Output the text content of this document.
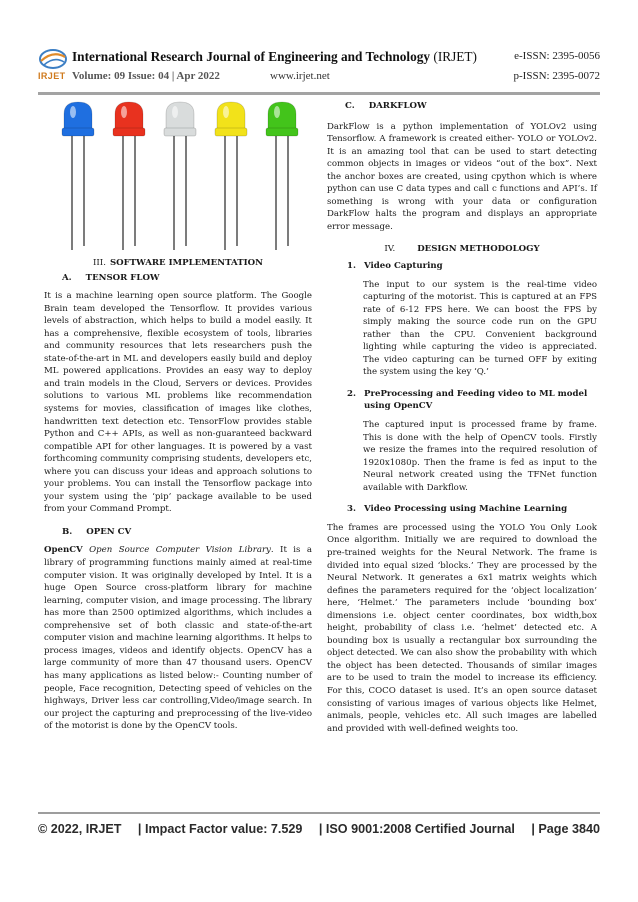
IRJET
International Research Journal of Engineering and Technology (IRJET)	e-ISSN: 2395-0056
Volume: 09 Issue: 04 | Apr 2022	www.irjet.net	p-ISSN: 2395-0072
III. SOFTWARE IMPLEMENTATION
A. TENSOR FLOW

It is a machine learning open source platform. The Google Brain team developed the Tensorflow. It provides various levels of abstraction, which helps to build a model easily. It has a comprehensive, flexible ecosystem of tools, libraries and community resources that lets researchers push the state-of-the-art in ML and developers easily build and deploy ML powered applications. Provides an easy way to deploy and train models in the Cloud, Servers or devices. Provides solutions to various ML problems like recommendation systems for movies, classification of images like clothes, handwritten text detection etc. TensorFlow provides stable Python and C++ APIs, as well as non-guaranteed backward compatible API for other languages. It is powered by a vast forthcoming community comprising students, developers etc, where you can discuss your ideas and approach solutions to your problems. You can install the Tensorflow package into your system using the ‘pip’ package available to be used from your Command Prompt.

B. OPEN CV

OpenCV Open Source Computer Vision Library. It is a library of programming functions mainly aimed at real-time computer vision. It was originally developed by Intel. It is a huge Open Source cross-platform library for machine learning, computer vision, and image processing. The library has more than 2500 optimized algorithms, which includes a comprehensive set of both classic and state-of-the-art computer vision and machine learning algorithms. It helps to process images, videos and identify objects. OpenCV has a large community of more than 47 thousand users. OpenCV has many applications as listed below:- Counting number of people, Face recognition, Detecting speed of vehicles on the highways, Driver less car controlling,Video/image search. In our project the capturing and preprocessing of the live-video of the motorist is done by the OpenCV tools.

C. DARKFLOW

DarkFlow is a python implementation of YOLOv2 using Tensorflow. A framework is created either- YOLO or YOLOv2. It is an amazing tool that can be used to start detecting common objects in images or videos “out of the box”. Next the anchor boxes are created, using cpython which is where python can use C data types and call c functions and API’s. If something is wrong with your data or configuration DarkFlow halts the program and displays an appropriate error message.

IV.	DESIGN METHODOLOGY
1. Video Capturing

The input to our system is the real-time video capturing of the motorist. This is captured at an FPS rate of 6-12 FPS here. We can boost the FPS by simply making the source code run on the GPU rather than the CPU. Convenient background lighting while capturing the video is appreciated. The video capturing can be turned OFF by exiting the system using the key ‘Q.’

2. PreProcessing and Feeding video to ML model using OpenCV

The captured input is processed frame by frame. This is done with the help of OpenCV tools. Firstly we resize the frames into the required resolution of 1920x1080p. Then the frame is fed as input to the Neural network created using the TFNet function available with Darkflow.

3. Video Processing using Machine Learning

The frames are processed using the YOLO You Only Look Once algorithm. Initially we are required to download the pre-trained weights for the Neural Network. The frame is divided into equal sized ‘blocks.’ They are processed by the Neural Network. It generates a 6x1 matrix weights which defines the parameters required for the ‘object localization’ here, ‘Helmet.’ The parameters include ‘bounding box’ dimensions i.e. object center coordinates, box width,box height, probability of class i.e. ‘helmet’ detected etc. A bounding box is usually a rectangular box surrounding the object detected. We can also show the probability with which the object has been detected. Thousands of similar images are to be used to train the model to increase its efficiency. For this, COCO dataset is used. It’s an open source dataset consisting of various images of various objects like Helmet, animals, people, vehicles etc. All such images are labelled and provided with well-defined weights too.

© 2022, IRJET | Impact Factor value: 7.529 | ISO 9001:2008 Certified Journal | Page 3840
